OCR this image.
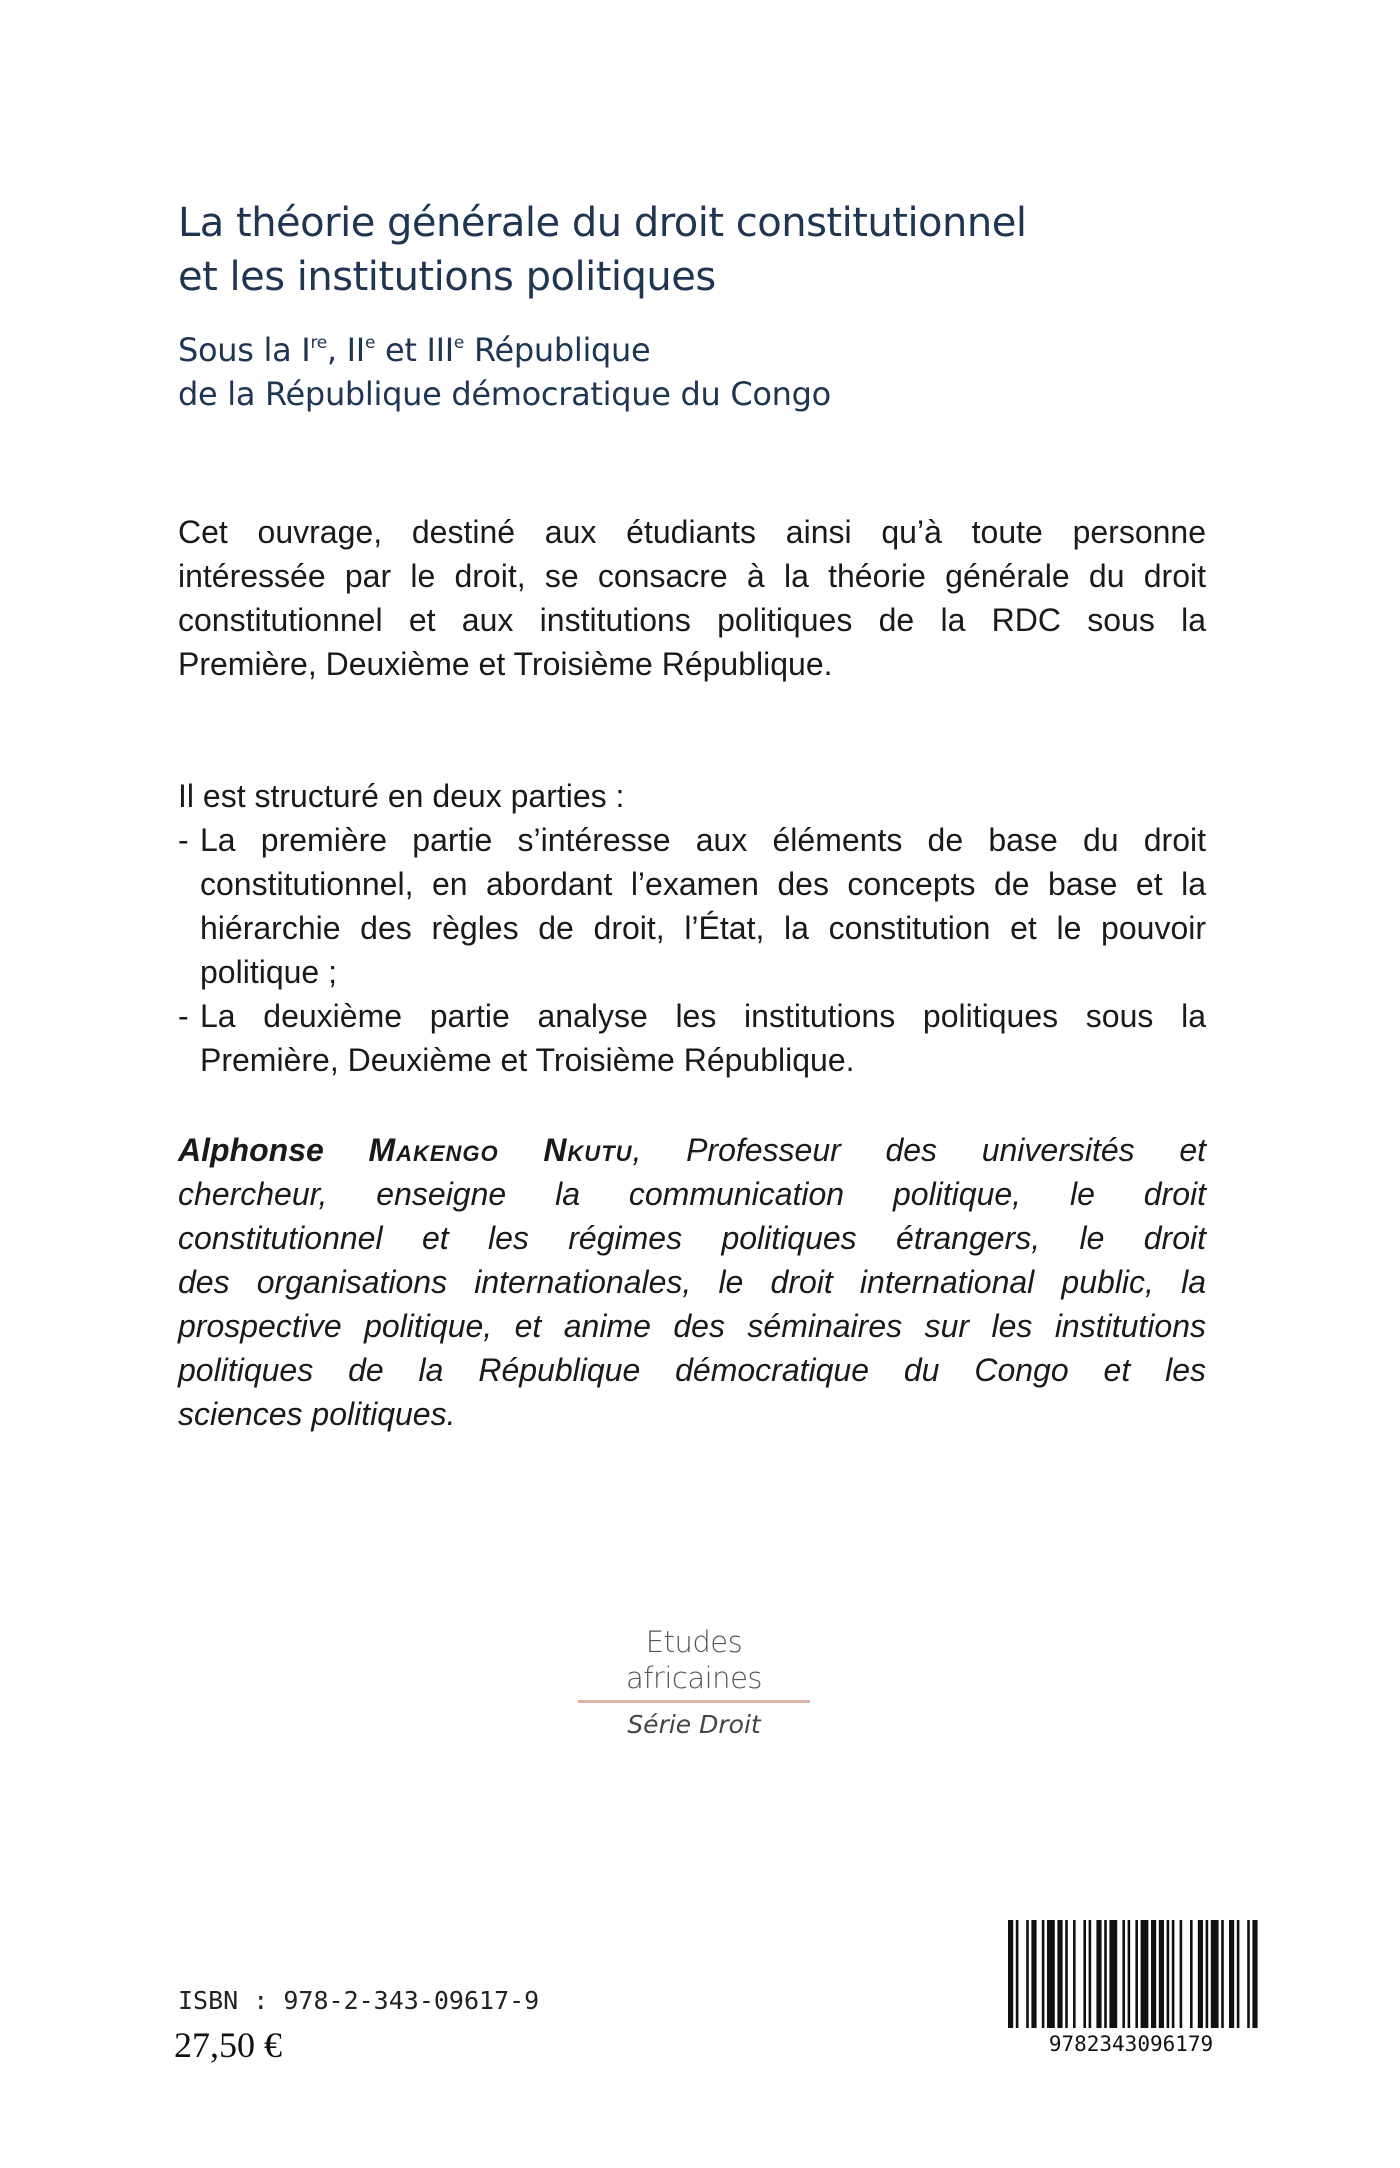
La théorie générale du droit constitutionnel
et les institutions politiques
Sous la Ire, IIe et IIIe République
de la République démocratique du Congo
Cet ouvrage, destiné aux étudiants ainsi qu’à toute personne
intéressée par le droit, se consacre à la théorie générale du droit
constitutionnel et aux institutions politiques de la RDC sous la
Première, Deuxième et Troisième République.
Il est structuré en deux parties :
- La première partie s’intéresse aux éléments de base du droit
constitutionnel, en abordant l’examen des concepts de base et la
hiérarchie des règles de droit, l’État, la constitution et le pouvoir
politique ;
- La deuxième partie analyse les institutions politiques sous la
Première, Deuxième et Troisième République.
Alphonse Makengo Nkutu, Professeur des universités et
chercheur, enseigne la communication politique, le droit
constitutionnel et les régimes politiques étrangers, le droit
des organisations internationales, le droit international public, la
prospective politique, et anime des séminaires sur les institutions
politiques de la République démocratique du Congo et les
sciences politiques.
Etudes africaines
Série Droit
ISBN : 978-2-343-09617-9
27,50 €	9782343096179
